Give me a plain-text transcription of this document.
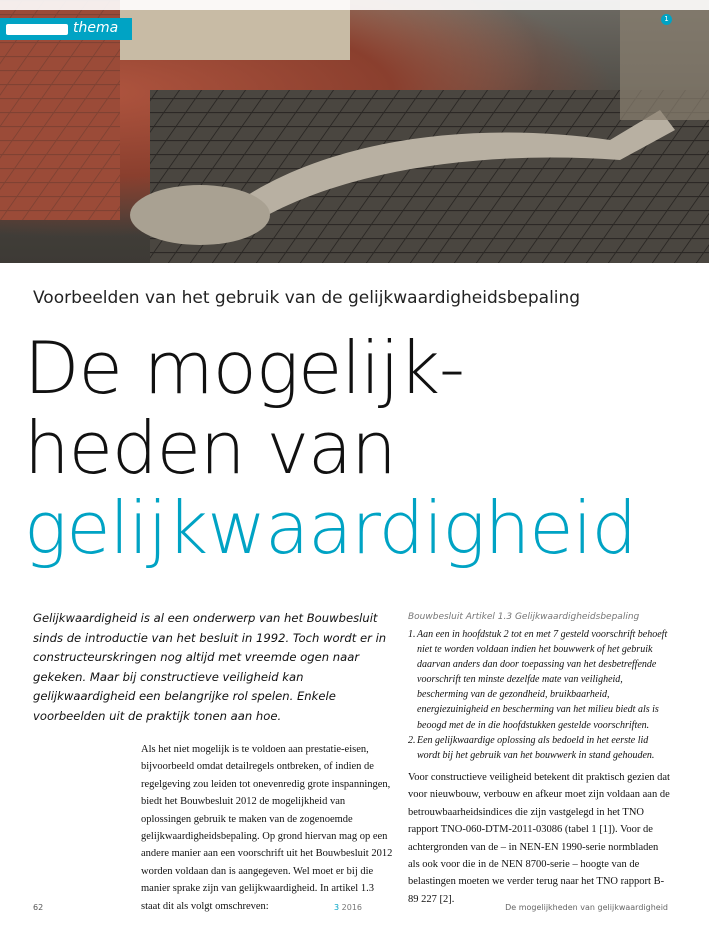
thema
1
Voorbeelden van het gebruik van de gelijkwaardigheidsbepaling
De mogelijk-
heden van
gelijkwaardigheid
Gelijkwaardigheid is al een onderwerp van het Bouwbesluit sinds de introductie van het besluit in 1992. Toch wordt er in constructeurskringen nog altijd met vreemde ogen naar gekeken. Maar bij constructieve veiligheid kan gelijkwaardigheid een belangrijke rol spelen. Enkele voorbeelden uit de praktijk tonen aan hoe.
Als het niet mogelijk is te voldoen aan prestatie-eisen, bijvoorbeeld omdat detailregels ontbreken, of indien de regelgeving zou leiden tot onevenredig grote inspanningen, biedt het Bouwbesluit 2012 de mogelijkheid van oplossingen gebruik te maken van de zogenoemde gelijkwaardigheidsbepaling. Op grond hiervan mag op een andere manier aan een voorschrift uit het Bouwbesluit 2012 worden voldaan dan is aangegeven. Wel moet er bij die manier sprake zijn van gelijkwaardigheid. In artikel 1.3 staat dit als volgt omschreven:
Bouwbesluit Artikel 1.3 Gelijkwaardigheidsbepaling
1. Aan een in hoofdstuk 2 tot en met 7 gesteld voorschrift behoeft niet te worden voldaan indien het bouwwerk of het gebruik daarvan anders dan door toepassing van het desbetreffende voorschrift ten minste dezelfde mate van veiligheid, bescherming van de gezondheid, bruikbaarheid, energiezuinigheid en bescherming van het milieu biedt als is beoogd met de in die hoofdstukken gestelde voorschriften.
2. Een gelijkwaardige oplossing als bedoeld in het eerste lid wordt bij het gebruik van het bouwwerk in stand gehouden.
Voor constructieve veiligheid betekent dit praktisch gezien dat voor nieuwbouw, verbouw en afkeur moet zijn voldaan aan de betrouwbaarheidsindices die zijn vastgelegd in het TNO rapport TNO-060-DTM-2011-03086 (tabel 1 [1]). Voor de achtergronden van de – in NEN-EN 1990-serie normbladen als ook voor die in de NEN 8700-serie – hoogte van de belastingen moeten we verder terug naar het TNO rapport B-89 227 [2].
62	3 2016	De mogelijkheden van gelijkwaardigheid
